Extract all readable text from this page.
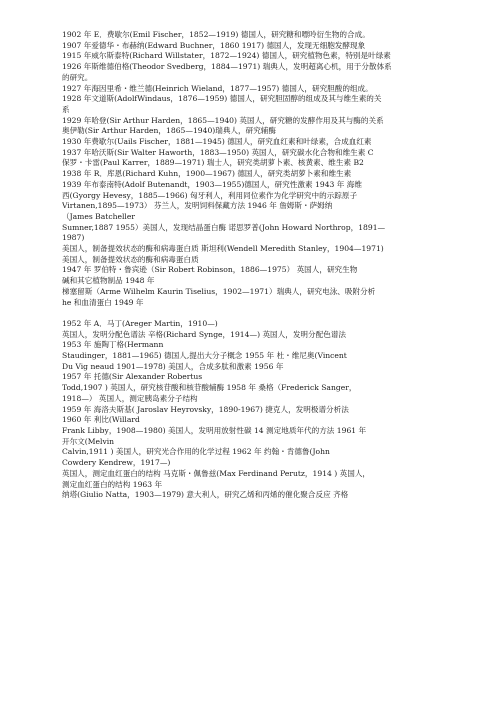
1902 年 E．费歇尔(Emil Fischer，1852—1919) 德国人，研究糖和嘌呤衍生物的合成。

1907 年爱德华・布赫纳(Edward Buchner，1860 1917) 德国人，发现无细胞发酵现象

1915 年威尔斯泰特(Richard Willstater，1872—1924) 德国人，研究植物色素，特别是叶绿素

1926 年斯维德伯格(Theodor Svedberg，1884—1971) 瑞典人，发明超离心机，用于分散体系

的研究。

1927 年海因里希・维兰德(Heinrich Wieland，1877—1957) 德国人，研究胆酸的组成。

1928 年文道斯(AdolfWindaus，1876—1959) 德国人，研究胆固醇的组成及其与维生素的关

系

1929 年哈登(Sir Arthur Harden，1865—1940) 英国人，研究糖的发酵作用及其与酶的关系

奥伊勒(Sir Arthur Harden，1865—1940)瑞典人，研究辅酶

1930 年费歇尔(Uails Fischer，1881—1945) 德国人，研究血红素和叶绿素，合成血红素

1937 年哈沃斯(Sir Walter Haworth，1883—1950) 英国人，研究碳水化合物和维生素 C

保罗・卡雷(Paul Karrer，1889—1971) 瑞士人，研究类胡萝卜素、核黄素、维生素 B2

1938 年 R．库恩(Richard Kuhn，1900—1967) 德国人，研究类胡萝卜素和维生素

1939 年布泰南特(Adolf Butenandt，1903—1955)德国人，研究性激素 1943 年 海维

西(Gyorgy Hevesy，1885—1966) 匈牙利人，利用同位素作为化学研究中的示踪原子

Virtanen,1895—1973） 芬兰人，发明饲料保藏方法 1946 年 詹姆斯・萨姆纳

（James Batcheller

Sumner,1887 1955）美国人，发现结晶蛋白酶 诺思罗普(John Howard Northrop，1891—

1987)

美国人，制备提效状态的酶和病毒蛋白质 斯坦利(Wendell Meredith Stanley，1904—1971)

美国人，制备提效状态的酶和病毒蛋白质

1947 年 罗伯特・鲁宾逊（Sir Robert Robinson，1886—1975） 英国人，研究生物

碱和其它植物制品 1948 年

梯塞留斯（Arme Wilhelm Kaurin Tiselius，1902—1971）瑞典人，研究电泳、吸附分析

he 和血清蛋白 1949 年

1952 年 A．马丁(Areger Martin，1910—)

英国人，发明分配色谱法 辛格(Richard Synge，1914—) 英国人，发明分配色谱法

1953 年 施陶丁格(Hermann

Staudinger，1881—1965) 德国人,提出大分子概念 1955 年 杜・维尼奥(Vincent

Du Vig neaud 1901—1978) 美国人，合成多肽和激素 1956 年

1957 年 托德(Sir Alexander Robertus

Todd,1907 ) 英国人，研究核苷酸和核苷酸辅酶 1958 年 桑格（Frederick Sanger，

1918—） 英国人，测定胰岛素分子结构

1959 年 海洛夫斯基( Jaroslav Heyrovsky，1890-1967) 捷克人，发明极谱分析法

1960 年 利比(Willard

Frank Libby，1908—1980) 美国人，发明用放射性碳 14 测定地质年代的方法 1961 年

开尔文(Melvin

Calvin,1911 ) 美国人，研究光合作用的化学过程 1962 年 约翰・肯德鲁(John

Cowdery Kendrew，1917—)

英国人，测定血红蛋白的结构 马克斯・佩鲁兹(Max Ferdinand Perutz，1914 ) 英国人，

测定血红蛋白的结构 1963 年

纳塔(Giulio Natta，1903—1979) 意大利人，研究乙烯和丙烯的催化聚合反应 齐格
